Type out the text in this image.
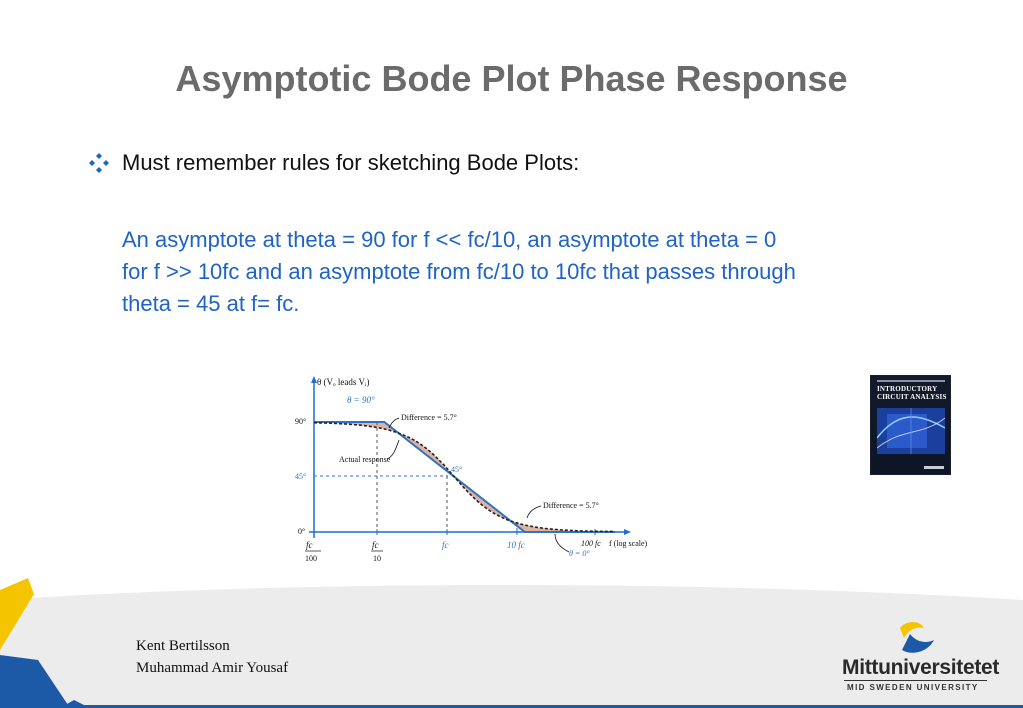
Asymptotic Bode Plot Phase Response
Must remember rules for sketching Bode Plots:
An asymptote at theta = 90 for f << fc/10, an asymptote at theta = 0
for f >> 10fc and an asymptote from fc/10 to 10fc that passes through
theta = 45 at f= fc.
θ (Vₒ leads Vᵢ)
90°
45°
0°
θ = 90°
Difference = 5.7°
Actual response
45°
Difference = 5.7°
θ = 0°
fc
100
fc
10
fc	10 fc	100 fc f (log scale)
INTRODUCTORY
CIRCUIT ANALYSIS
Kent Bertilsson
Muhammad Amir Yousaf	Mittuniversitetet
MID SWEDEN UNIVERSITY
